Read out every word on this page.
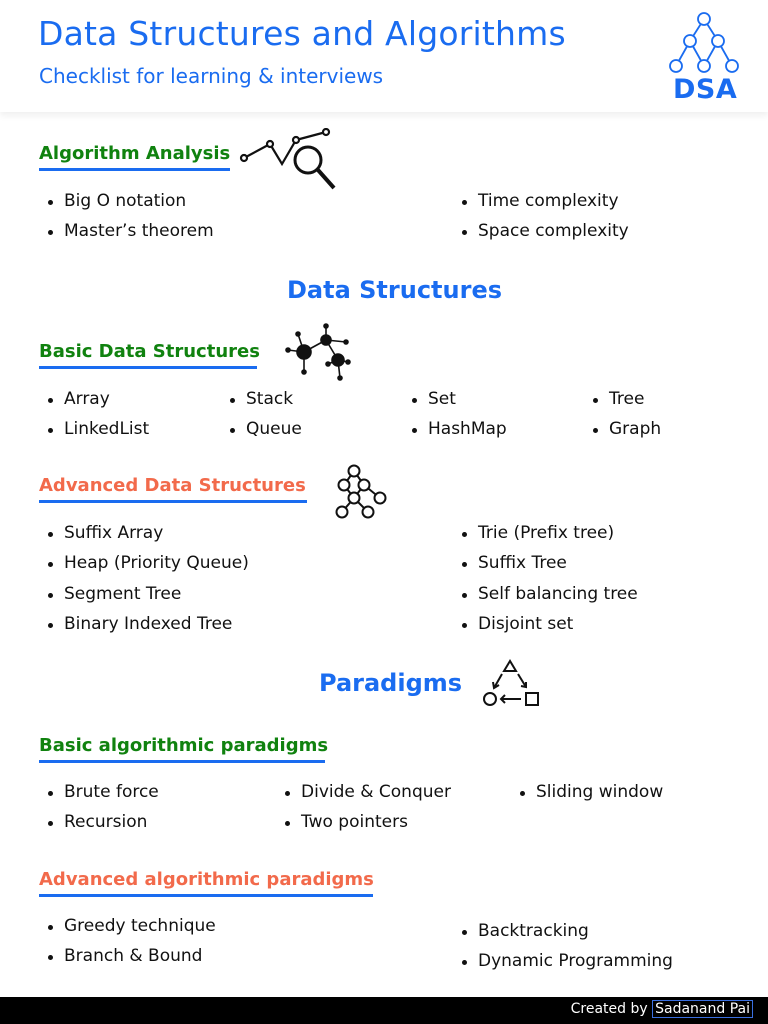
Data Structures and Algorithms
Checklist for learning & interviews	DSA
Algorithm Analysis
Big O notation
Master’s theorem
Time complexity
Space complexity
Data Structures
Basic Data Structures
Array
LinkedList
Stack
Queue
Set
HashMap
Tree
Graph
Advanced Data Structures
Suffix Array
Heap (Priority Queue)
Segment Tree
Binary Indexed Tree
Trie (Prefix tree)
Suffix Tree
Self balancing tree
Disjoint set
Paradigms
Basic algorithmic paradigms
Brute force
Recursion
Divide & Conquer
Two pointers
Sliding window
Advanced algorithmic paradigms
Greedy technique
Branch & Bound
Backtracking
Dynamic Programming
Created by Sadanand Pai
